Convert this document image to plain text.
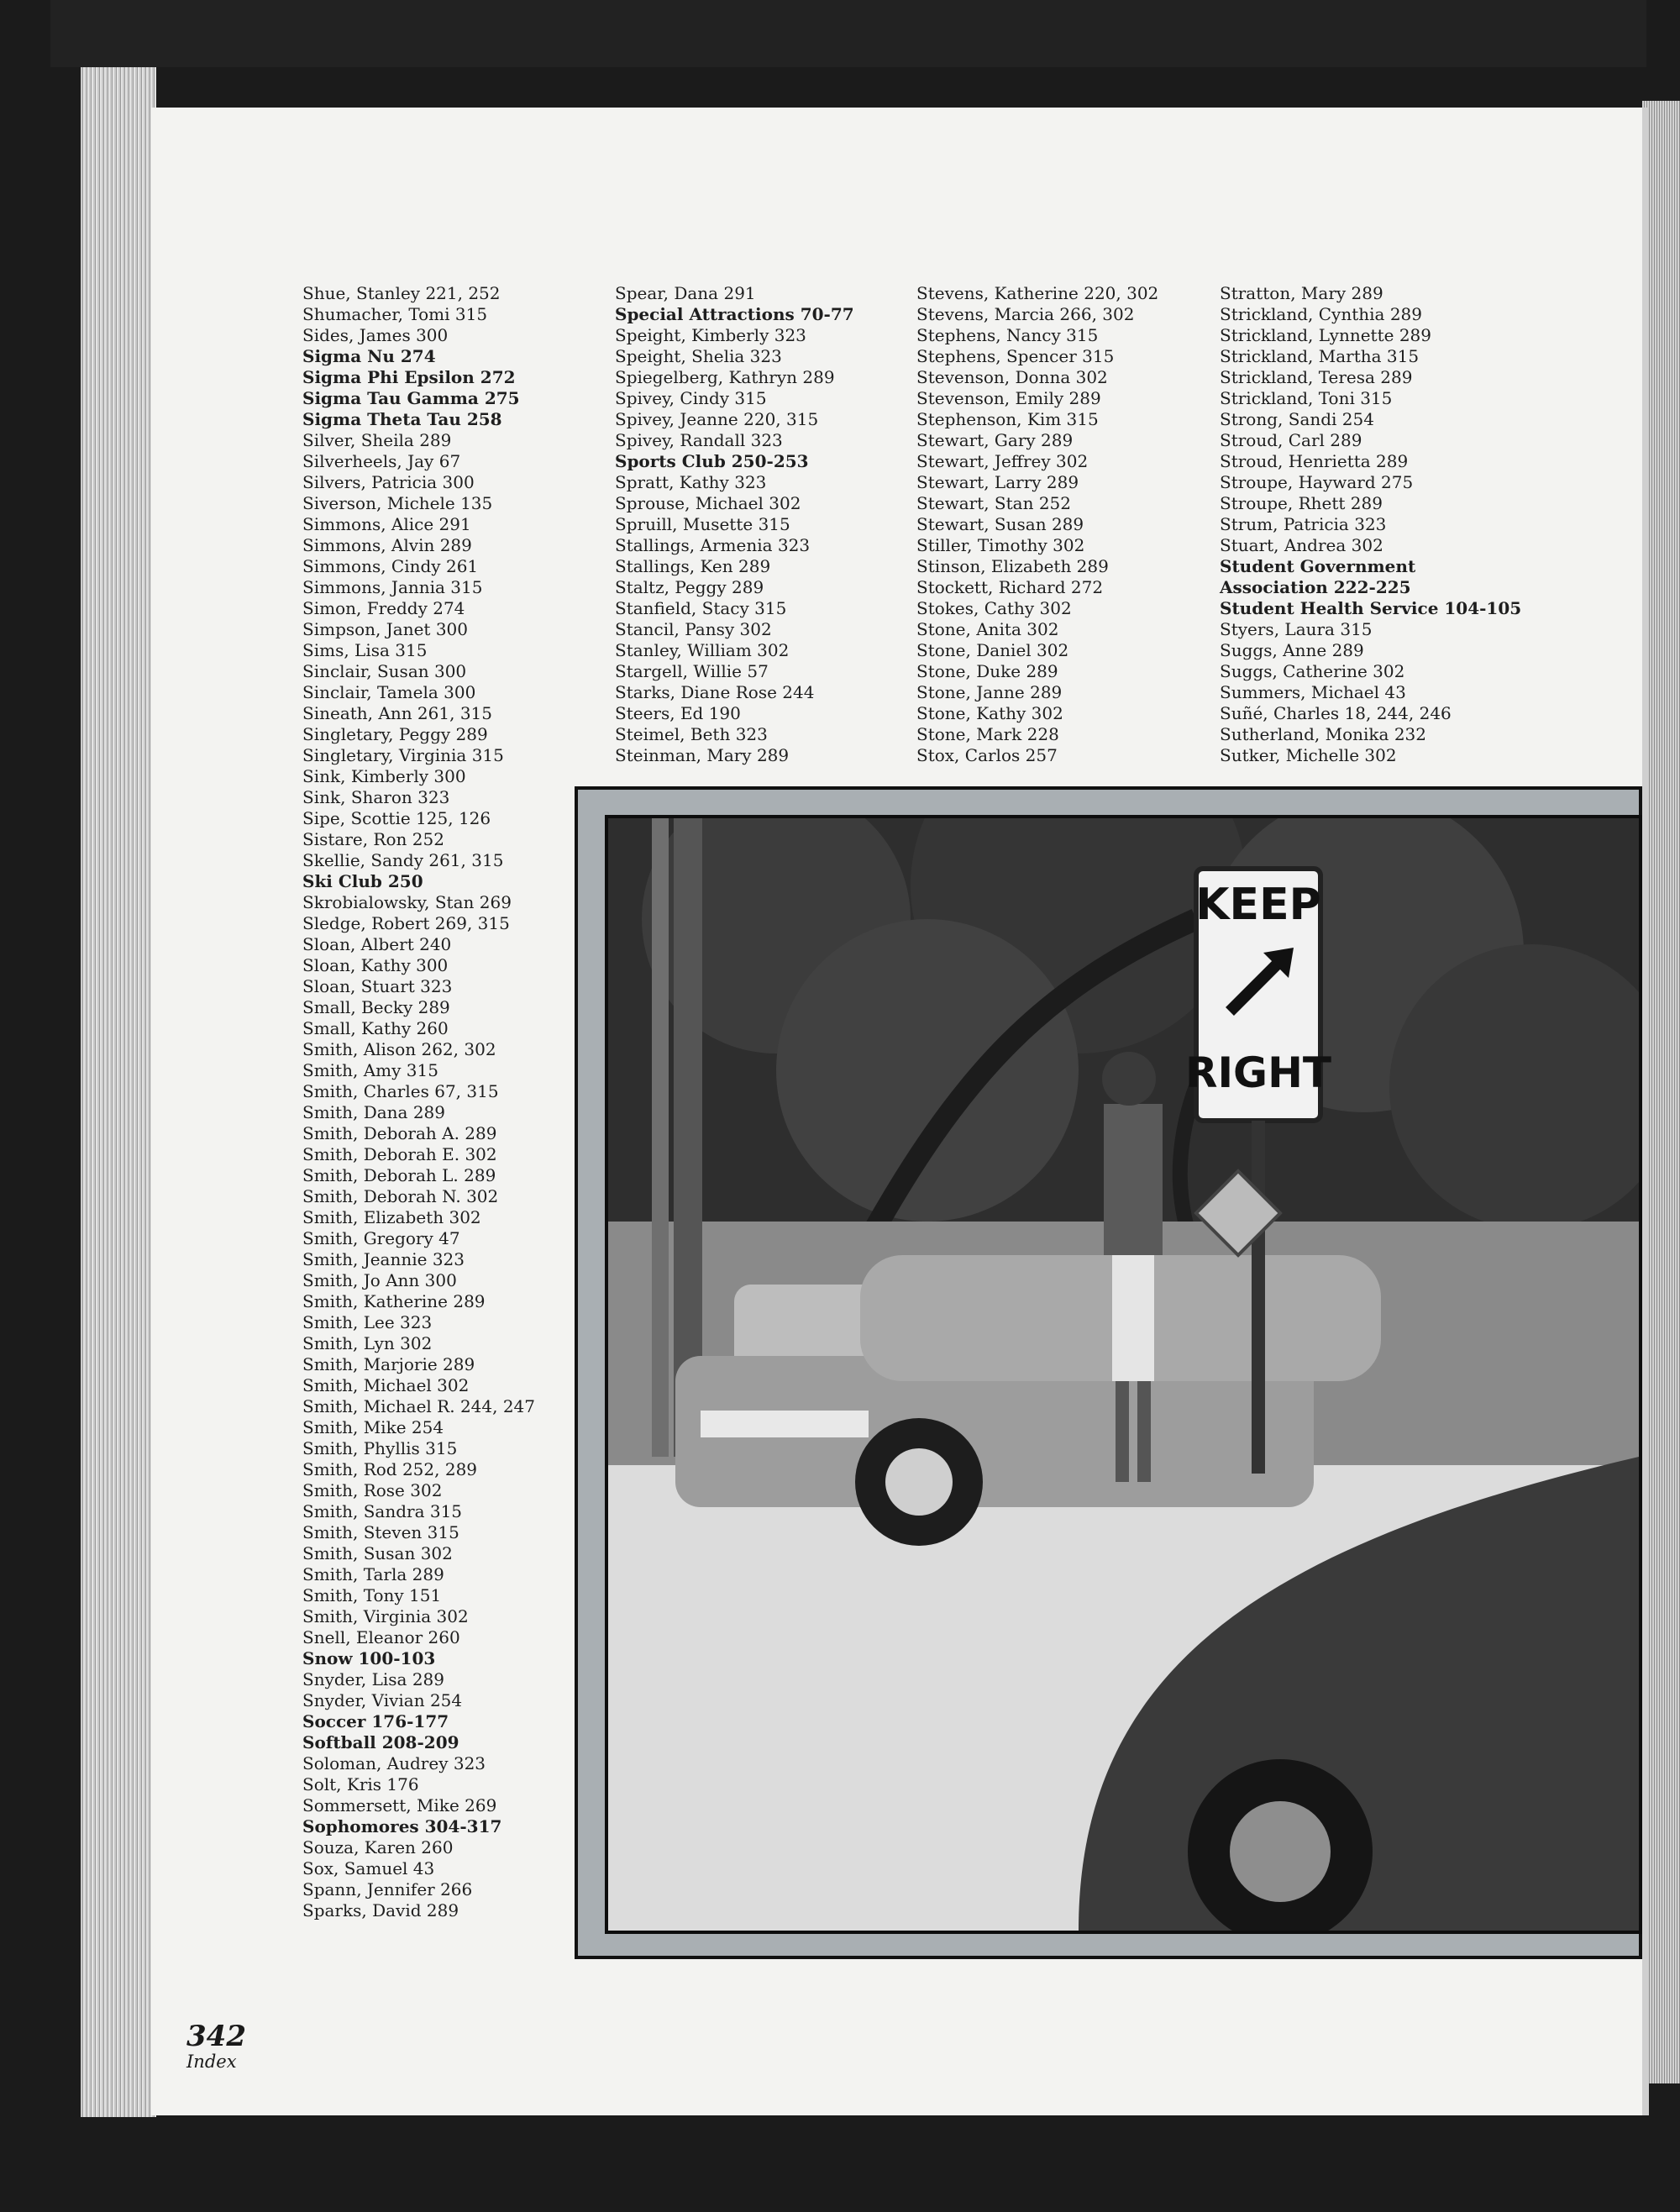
Shue, Stanley 221, 252
Shumacher, Tomi 315
Sides, James 300
Sigma Nu 274
Sigma Phi Epsilon 272
Sigma Tau Gamma 275
Sigma Theta Tau 258
Silver, Sheila 289
Silverheels, Jay 67
Silvers, Patricia 300
Siverson, Michele 135
Simmons, Alice 291
Simmons, Alvin 289
Simmons, Cindy 261
Simmons, Jannia 315
Simon, Freddy 274
Simpson, Janet 300
Sims, Lisa 315
Sinclair, Susan 300
Sinclair, Tamela 300
Sineath, Ann 261, 315
Singletary, Peggy 289
Singletary, Virginia 315
Sink, Kimberly 300
Sink, Sharon 323
Sipe, Scottie 125, 126
Sistare, Ron 252
Skellie, Sandy 261, 315
Ski Club 250
Skrobialowsky, Stan 269
Sledge, Robert 269, 315
Sloan, Albert 240
Sloan, Kathy 300
Sloan, Stuart 323
Small, Becky 289
Small, Kathy 260
Smith, Alison 262, 302
Smith, Amy 315
Smith, Charles 67, 315
Smith, Dana 289
Smith, Deborah A. 289
Smith, Deborah E. 302
Smith, Deborah L. 289
Smith, Deborah N. 302
Smith, Elizabeth 302
Smith, Gregory 47
Smith, Jeannie 323
Smith, Jo Ann 300
Smith, Katherine 289
Smith, Lee 323
Smith, Lyn 302
Smith, Marjorie 289
Smith, Michael 302
Smith, Michael R. 244, 247
Smith, Mike 254
Smith, Phyllis 315
Smith, Rod 252, 289
Smith, Rose 302
Smith, Sandra 315
Smith, Steven 315
Smith, Susan 302
Smith, Tarla 289
Smith, Tony 151
Smith, Virginia 302
Snell, Eleanor 260
Snow 100-103
Snyder, Lisa 289
Snyder, Vivian 254
Soccer 176-177
Softball 208-209
Soloman, Audrey 323
Solt, Kris 176
Sommersett, Mike 269
Sophomores 304-317
Souza, Karen 260
Sox, Samuel 43
Spann, Jennifer 266
Sparks, David 289
Spear, Dana 291
Special Attractions 70-77
Speight, Kimberly 323
Speight, Shelia 323
Spiegelberg, Kathryn 289
Spivey, Cindy 315
Spivey, Jeanne 220, 315
Spivey, Randall 323
Sports Club 250-253
Spratt, Kathy 323
Sprouse, Michael 302
Spruill, Musette 315
Stallings, Armenia 323
Stallings, Ken 289
Staltz, Peggy 289
Stanfield, Stacy 315
Stancil, Pansy 302
Stanley, William 302
Stargell, Willie 57
Starks, Diane Rose 244
Steers, Ed 190
Steimel, Beth 323
Steinman, Mary 289
Stevens, Katherine 220, 302
Stevens, Marcia 266, 302
Stephens, Nancy 315
Stephens, Spencer 315
Stevenson, Donna 302
Stevenson, Emily 289
Stephenson, Kim 315
Stewart, Gary 289
Stewart, Jeffrey 302
Stewart, Larry 289
Stewart, Stan 252
Stewart, Susan 289
Stiller, Timothy 302
Stinson, Elizabeth 289
Stockett, Richard 272
Stokes, Cathy 302
Stone, Anita 302
Stone, Daniel 302
Stone, Duke 289
Stone, Janne 289
Stone, Kathy 302
Stone, Mark 228
Stox, Carlos 257
Stratton, Mary 289
Strickland, Cynthia 289
Strickland, Lynnette 289
Strickland, Martha 315
Strickland, Teresa 289
Strickland, Toni 315
Strong, Sandi 254
Stroud, Carl 289
Stroud, Henrietta 289
Stroupe, Hayward 275
Stroupe, Rhett 289
Strum, Patricia 323
Stuart, Andrea 302
Student Government
Association 222-225
Student Health Service 104-105
Styers, Laura 315
Suggs, Anne 289
Suggs, Catherine 302
Summers, Michael 43
Suñé, Charles 18, 244, 246
Sutherland, Monika 232
Sutker, Michelle 302
KEEP
RIGHT
342
Index
